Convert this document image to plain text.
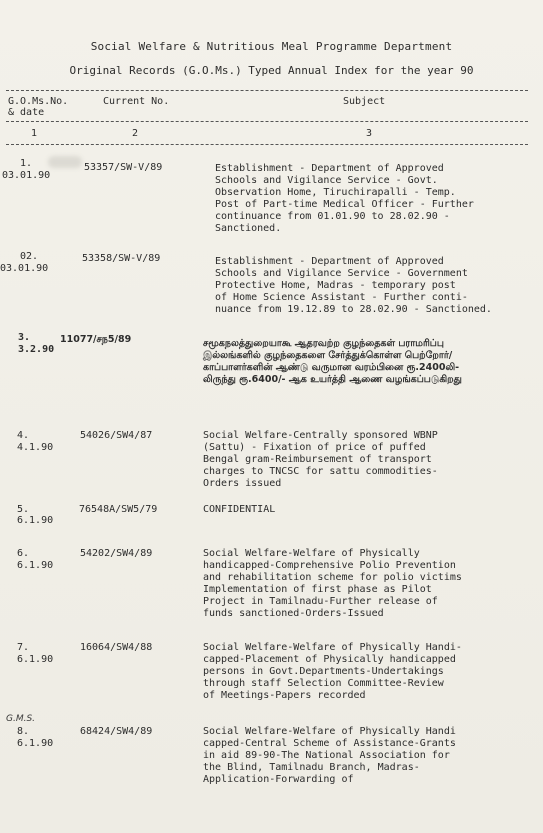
Social Welfare & Nutritious Meal Programme Department
Original Records (G.O.Ms.) Typed Annual Index for the year 90
G.O.Ms.No.
& date
Current No.	Subject
1	2	3
1.
03.01.90
53357/SW-V/89	Establishment - Department of Approved
Schools and Vigilance Service - Govt.
Observation Home, Tiruchirapalli - Temp.
Post of Part-time Medical Officer - Further
continuance from 01.01.90 to 28.02.90 -
Sanctioned.
02.
03.01.90
53358/SW-V/89	Establishment - Department of Approved
Schools and Vigilance Service - Government
Protective Home, Madras - temporary post
of Home Science Assistant - Further conti-
nuance from 19.12.89 to 28.02.90 - Sanctioned.
3.
3.2.90
11077/சந5/89	சமூகநலத்துறையாகூ ஆதரவற்ற குழந்தைகள் பராமரிப்பு
இல்லங்களில் குழந்தைகளை சேர்த்துக்கொள்ள பெற்றோர்/
காப்பாளர்களின் ஆண்டு வருமான வரம்பினை ரூ.2400லி-
லிருந்து ரூ.6400/- ஆக உயர்த்தி ஆணை வழங்கப்படுகிறது
4.
4.1.90
54026/SW4/87	Social Welfare-Centrally sponsored WBNP
(Sattu) - Fixation of price of puffed
Bengal gram-Reimbursement of transport
charges to TNCSC for sattu commodities-
Orders issued
5.
6.1.90
76548A/SW5/79	CONFIDENTIAL
6.
6.1.90
54202/SW4/89	Social Welfare-Welfare of Physically
handicapped-Comprehensive Polio Prevention
and rehabilitation scheme for polio victims
Implementation of first phase as Pilot
Project in Tamilnadu-Further release of
funds sanctioned-Orders-Issued
7.
6.1.90
16064/SW4/88	Social Welfare-Welfare of Physically Handi-
capped-Placement of Physically handicapped
persons in Govt.Departments-Undertakings
through staff Selection Committee-Review
of Meetings-Papers recorded
G.M.S.
8.
6.1.90
68424/SW4/89	Social Welfare-Welfare of Physically Handi
capped-Central Scheme of Assistance-Grants
in aid 89-90-The National Association for
the Blind, Tamilnadu Branch, Madras-
Application-Forwarding of
